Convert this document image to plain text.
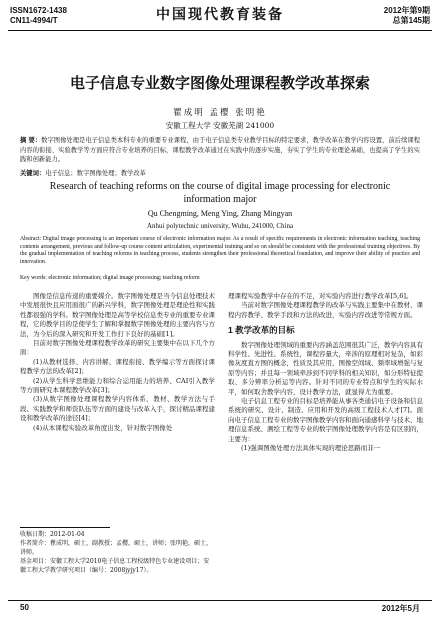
ISSN1672-1438
CN11-4994/T	中国现代教育装备	2012年第9期
总第145期
电子信息专业数字图像处理课程教学改革探索
瞿成明 孟樱 张明艳
安徽工程大学 安徽芜湖 241000
摘 要：数字图像处理是电子信息类本科专业的重要专业课程，由于电子信息类专业教学目标的特定要求，教学改革在教学内容设置、前后续课程内容的衔接、实验教学等方面应符合专业培养的目标，课程教学改革通过在实践中的逐步实施，夯实了学生的专业理论基础，也提高了学生的实践和创新能力。
关键词：电子信息；数字图像处理；教学改革
Research of teaching reforms on the course of digital image processing for electronic information major
Qu Chengming, Meng Ying, Zhang Mingyan
Anhui polytechnic university, Wuhu, 241000, China
Abstract: Digital image processing is an important course of electronic information major. As a result of specific requirements in electronic information teaching, teaching contents arrangement, previous and follow-up course content articulation, experimental training and so on should be consistent with the professional training objectives. By the gradual implementation of teaching reforms in teaching process, students strengthen their professional theoretical foundation, and improve their ability of practice and innovation.
Key words: electronic information; digital image processing; teaching reform

图像是信息传递的重要媒介。数字图像处理是当今信息处理技术中发展很快且应用面很广的新兴学科，数字图像处理是理论性和实践性都很强的学科。数字图像处理是高等学校信息类专业的重要专业课程，它的教学目的是使学生了解和掌握数字图像处理的主要内容与方法，为今后的深入研究和开发工作打下良好的基础[1]。

目前对数字图像处理课程教学改革的研究主要集中在以下几个方面：

(1)从教材选择、内容讲解、课程衔接、教学编示等方面探讨课程教学方法的改革[2]；

(2)从学生科学思维能力和综合运用能力的培养、CAI引入教学等方面研究本课程教学改革[3]；

(3)从数字图像处理课程教学内容体系、教材、教学方法与手段、实践教学和师资队伍等方面的建设与改革入手，探讨精品课程建设和教学改革的途径[4]；

(4)从本课程实验改革角度出发，针对数字图像处

理课程实验教学中存在的不足，对实验内容进行教学改革[5,6]。

当前对数字图像处理课程教学的改革与实践主要集中在教材、课程内容教学、教学手段和方法的改进，实验内容改进等常规方面。

1 教学改革的目标

数字图像处理领域的重要内容涵盖范围很其广泛，教学内容具有科学性、先进性、系统性，课程容量大，牵涉的原理相对复杂，如彩像灰度直方图的概念，性质及其应用，图像空间域、频率域增强与复原等内容；并且每一领域牵涉到不同学科的相关知识，如分形特征提取、多分辨率分析运等内容。针对不同的专业特点和学生的实际水平，如何取舍教学内容，设计教学方法，就显得尤为重要。

电子信息工程专业的目标是培养能从事各类通信电子设备和信息系统的研究、设计、制造、应用和开发的高级工程技术人才[7]。面向电子信息工程专业的数字图像教学内容和面向通感科学与技术、地理信息系统、测绘工程等专业的数字图像处理教学内容是有区别的，主要为：

(1)强调图像处理方法具体实现的理论思路而非一

收稿日期：2012-01-04
作者简介：瞿成明，硕士，副教授；孟樱，硕士，讲师；张明艳，硕士，讲师。
基金项目：安徽工程大学2010电子信息工程校级特色专业建设项目；安徽工程大学教学研究项目（编号：2008jyjy17）。
50	2012年5月
